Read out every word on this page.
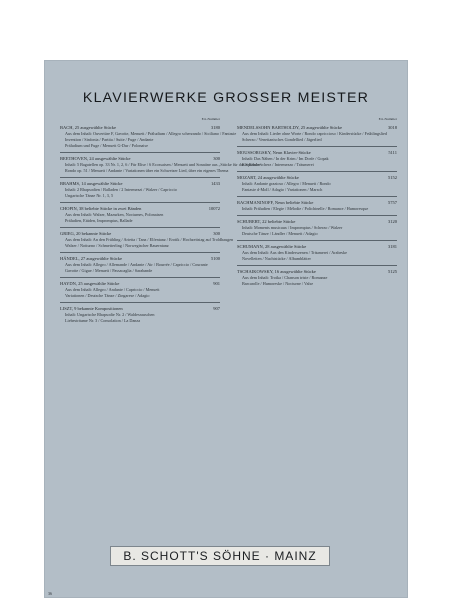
KLAVIERWERKE GROSSER MEISTER
Ed.-Nummer
BACH, 25 ausgewählte Stücke	3180
Aus dem Inhalt: Ouvertüre F, Gavotte, Menuett / Präludium / Allegro scherzando / Siciliano / Fantasie
Invention / Sinfonia / Partita / Suite / Fuge / Andante
Präludium und Fuge / Menuett G-Dur / Polonaise
BEETHOVEN, 24 ausgewählte Stücke	300
Inhalt: 5 Bagatellen op. 33 Nr. 1, 2, 6 / Für Elise / 6 Ecossaisen / Menuett und Sonatine aus „Stücke für das Spieluhr“
Rondo op. 51 / Menuett / Andante / Variationen über ein Schweizer Lied, über ein eigenes Thema
BRAHMS, 14 ausgewählte Stücke	1433
Inhalt: 2 Rhapsodien / Balladen / 2 Intermezzi / Walzer / Capriccio
Ungarische Tänze Nr. 1, 3, 5
CHOPIN, 38 beliebte Stücke in zwei Bänden	10072
Aus dem Inhalt: Walzer, Mazurken, Nocturnes, Polonaisen
Präludien, Etüden, Impromptus, Ballade
GRIEG, 20 bekannte Stücke	300
Aus dem Inhalt: An den Frühling / Arietta / Tanz / Elfentanz / Erotik / Hochzeitstag auf Troldhaugen
Walzer / Notturno / Schmetterling / Norwegischer Bauerntanz
HÄNDEL, 27 ausgewählte Stücke	5100
Aus dem Inhalt: Allegro / Allemande / Andante / Air / Bourrée / Capriccio / Courante
Gavotte / Gigue / Menuett / Passacaglia / Sarabande
HAYDN, 25 ausgewählte Stücke	901
Aus dem Inhalt: Allegro / Andante / Capriccio / Menuett
Variationen / Deutsche Tänze / Zingarese / Adagio
LISZT, 9 bekannte Kompositionen	907
Inhalt: Ungarische Rhapsodie Nr. 2 / Waldesrauschen
Liebesträume Nr. 3 / Consolation / La Danza
Ed.-Nummer
MENDELSSOHN BARTHOLDY, 25 ausgewählte Stücke	3018
Aus dem Inhalt: Lieder ohne Worte / Rondo capriccioso / Kinderstücke / Frühlingslied
Scherzo / Venetianisches Gondellied / Jägerlied
MOUSSORGSKY, Neun Klavier-Stücke	5111
Inhalt: Das Nähen / In der Krim / Im Dorfe / Gopak
Ein Kinderscherz / Intermezzo / Träumerei
MOZART, 24 ausgewählte Stücke	5152
Inhalt: Andante grazioso / Allegro / Menuett / Rondo
Fantasie d-Moll / Adagio / Variationen / Marsch
RACHMANINOFF, Neun beliebte Stücke	5757
Inhalt: Präludien / Elegie / Mélodie / Polichinelle / Romance / Humoresque
SCHUBERT, 22 beliebte Stücke	3120
Inhalt: Moments musicaux / Impromptus / Scherzo / Walzer
Deutsche Tänze / Ländler / Menuett / Adagio
SCHUMANN, 28 ausgewählte Stücke	3181
Aus dem Inhalt: Aus den Kinderszenen / Träumerei / Arabeske
Novelletten / Nachtstücke / Albumblätter
TSCHAIKOWSKY, 16 ausgewählte Stücke	5125
Aus dem Inhalt: Troika / Chanson triste / Romanze
Barcarolle / Humoreske / Nocturne / Valse
B. SCHOTT'S SÖHNE · MAINZ
36
